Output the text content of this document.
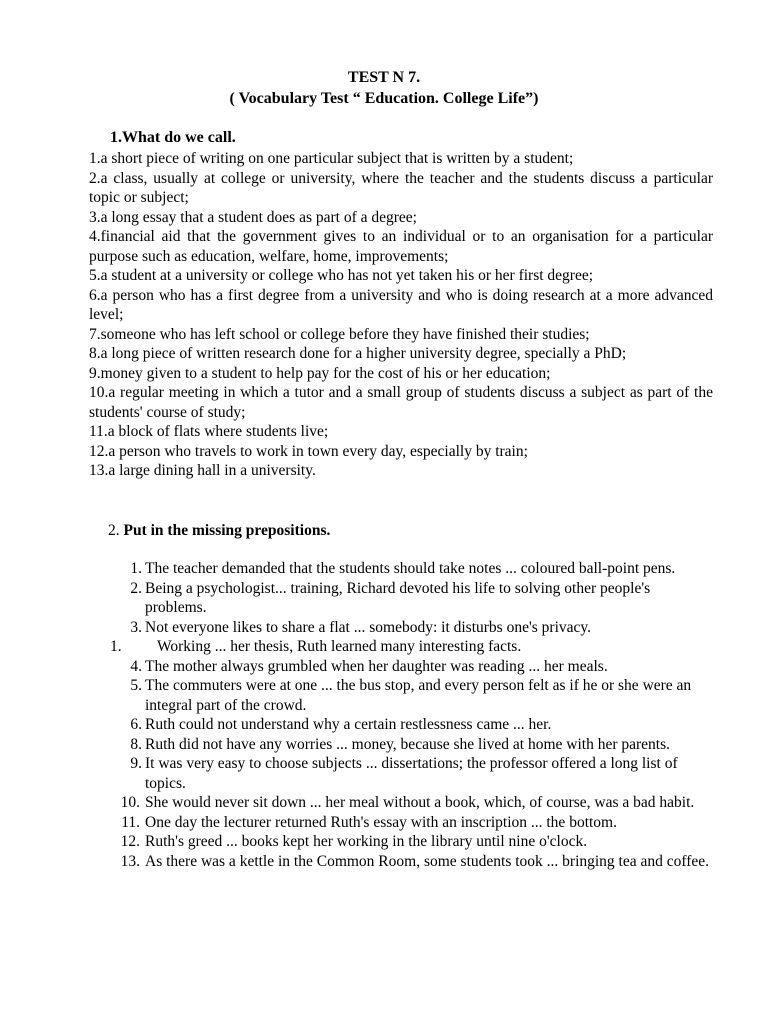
TEST N 7.
( Vocabulary Test “ Education. College Life”)
1.What do we call.
1.a short piece of writing on one particular subject that is written by a student;
2.a class, usually at college or university, where the teacher and the students discuss a particular topic or subject;
3.a long essay that a student does as part of a degree;
4.financial aid that the government gives to an individual or to an organisation for a particular purpose such as education, welfare, home, improvements;
5.a student at a university or college who has not yet taken his or her first degree;
6.a person who has a first degree from a university and who is doing research at a more advanced level;
7.someone who has left school or college before they have finished their studies;
8.a long piece of written research done for a higher university degree, specially a PhD;
9.money given to a student to help pay for the cost of his or her education;
10.a regular meeting in which a tutor and a small group of students discuss a subject as part of the students' course of study;
11.a block of flats where students live;
12.a person who travels to work in town every day, especially by train;
13.a large dining hall in a university.
2. Put in the missing prepositions.
1. The teacher demanded that the students should take notes ... coloured ball-point pens.
2. Being a psychologist... training, Richard devoted his life to solving other people's problems.
3. Not everyone likes to share a flat ... somebody: it disturbs one's privacy.
1.	Working ... her thesis, Ruth learned many interesting facts.
4. The mother always grumbled when her daughter was reading ... her meals.
5. The commuters were at one ... the bus stop, and every person felt as if he or she were an integral part of the crowd.
6. Ruth could not understand why a certain restlessness came ... her.
8. Ruth did not have any worries ... money, because she lived at home with her parents.
9. It was very easy to choose subjects ... dissertations; the professor offered a long list of topics.
10. She would never sit down ... her meal without a book, which, of course, was a bad habit.
11. One day the lecturer returned Ruth's essay with an inscription ... the bottom.
12. Ruth's greed ... books kept her working in the library until nine o'clock.
13. As there was a kettle in the Common Room, some students took ... bringing tea and coffee.
